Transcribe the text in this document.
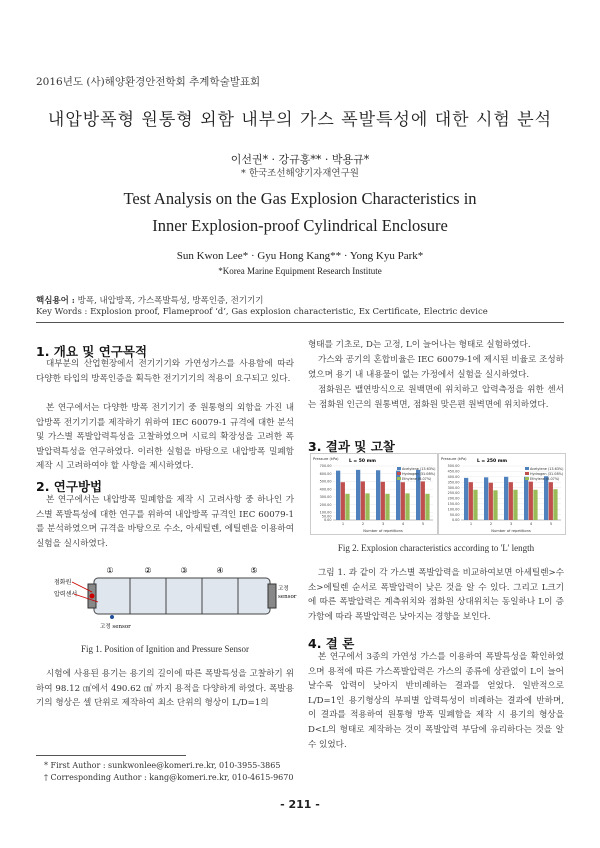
2016년도 (사)해양환경안전학회 추계학술발표회
내압방폭형 원통형 외함 내부의 가스 폭발특성에 대한 시험 분석
이선권* · 강규홍** · 박용규*
* 한국조선해양기자재연구원
Test Analysis on the Gas Explosion Characteristics in
Inner Explosion-proof Cylindrical Enclosure
Sun Kwon Lee* · Gyu Hong Kang** · Yong Kyu Park*
*Korea Marine Equipment Research Institute
핵심용어 : 방폭, 내압방폭, 가스폭발특성, 방폭인증, 전기기기
Key Words : Explosion proof, Flameproof ‘d’, Gas explosion characteristic, Ex Certificate, Electric device
1. 개요 및 연구목적
대부분의 산업현장에서 전기기기와 가연성가스를 사용함에 따라 다양한 타입의 방폭인증을 획득한 전기기기의 적용이 요구되고 있다.
본 연구에서는 다양한 방폭 전기기기 중 원통형의 외함을 가진 내압방폭 전기기기를 제작하기 위하여 IEC 60079-1 규격에 대한 분석 및 가스별 폭발압력특성을 고찰하였으며 시료의 확장성을 고려한 폭발압력특성을 연구하였다. 이러한 실험을 바탕으로 내압방폭 밀폐함 제작 시 고려하여야 할 사항을 제시하였다.
2. 연구방법
본 연구에서는 내압방폭 밀폐함을 제작 시 고려사항 중 하나인 가스별 폭발특성에 대한 연구를 위하여 내압방폭 규격인 IEC 60079-1를 분석하였으며 규격을 바탕으로 수소, 아세틸렌, 에틸렌을 이용하여 실험을 실시하였다.
①	②	③	④	⑤
점화원
압력센서
고정
sensor
고정 sensor
Fig 1. Position of Ignition and Pressure Sensor
시험에 사용된 용기는 용기의 길이에 따른 폭발특성을 고찰하기 위하여 98.12 ㎤에서 490.62 ㎤ 까지 용적을 다양하게 하였다. 폭발용기의 형상은 셀 단위로 제작하여 최소 단위의 형상이 L/D=1의
형태를 기초로, D는 고정, L이 늘어나는 형태로 실험하였다.
가스와 공기의 혼합비율은 IEC 60079-1에 제시된 비율로 조성하였으며 용기 내 내용물이 없는 가정에서 실험을 실시하였다.
점화원은 밸연방식으로 원백면에 위치하고 압력측정을 위한 센서는 점화원 인근의 원통벽면, 점화원 맞은편 원벽면에 위치하였다.
3. 결과 및 고찰
Pressure (kPa) L = 50 mm
0.00
50.00
100.00
200.00
300.00
400.00
500.00
600.00
700.00
1	2	3	4	5
Number of repetitions
Acetylene (13.63%)
Hydrogen (31.08%)
Ethylene (8.07%)
Pressure (kPa) L = 250 mm
0.00
50.00
100.00
150.00
200.00
250.00
300.00
350.00
400.00
450.00
500.00
1	2	3	4	5
Number of repetitions
Acetylene (13.63%)
Hydrogen (31.08%)
Ethylene (8.07%)
Fig 2. Explosion characteristics according to 'L' length
그림 1. 과 같이 각 가스별 폭발압력을 비교하여보면 아세틸렌>수소>에틸렌 순서로 폭발압력이 낮은 것을 알 수 있다. 그리고 L크기에 따른 폭발압력은 계측위치와 점화원 상대위치는 동일하나 L이 증가함에 따라 폭발압력은 낮아지는 경향을 보인다.
4. 결 론
본 연구에서 3종의 가연성 가스를 이용하여 폭발특성을 확인하였으며 용적에 따른 가스폭발압력은 가스의 종류에 상관없이 L이 늘어날수록 압력이 낮아지 반비례하는 결과를 얻었다. 일반적으로 L/D=1인 용기형상의 부피별 압력특성이 비례하는 결과에 반하며, 이 결과를 적용하여 원통형 방폭 밀폐함을 제작 시 용기의 형상을 D<L의 형태로 제작하는 것이 폭발압력 부담에 유리하다는 것을 알 수 있었다.
* First Author : sunkwonlee@komeri.re.kr, 010-3955-3865
† Corresponding Author : kang@komeri.re.kr, 010-4615-9670
- 211 -
